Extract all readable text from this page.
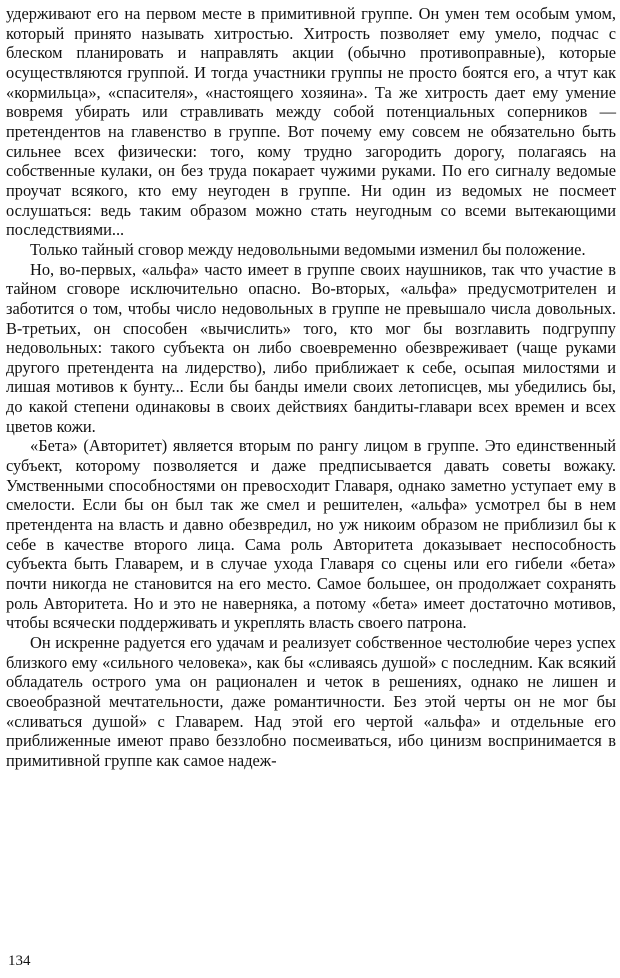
удерживают его на первом месте в примитивной группе. Он умен тем особым умом, который принято называть хитростью. Хитрость позволяет ему умело, подчас с блеском планировать и направлять акции (обычно противоправные), которые осуществляются группой. И тогда участники группы не просто боятся его, а чтут как «кормильца», «спасителя», «настоящего хозяина». Та же хитрость дает ему умение вовремя убирать или стравливать между собой потенциальных соперников — претендентов на главенство в группе. Вот почему ему совсем не обязательно быть сильнее всех физически: того, кому трудно загородить дорогу, полагаясь на собственные кулаки, он без труда покарает чужими руками. По его сигналу ведомые проучат всякого, кто ему неугоден в группе. Ни один из ведомых не посмеет ослушаться: ведь таким образом можно стать неугодным со всеми вытекающими последствиями...

Только тайный сговор между недовольными ведомыми изменил бы положение.

Но, во-первых, «альфа» часто имеет в группе своих наушников, так что участие в тайном сговоре исключительно опасно. Во-вторых, «альфа» предусмотрителен и заботится о том, чтобы число недовольных в группе не превышало числа довольных. В-третьих, он способен «вычислить» того, кто мог бы возглавить подгруппу недовольных: такого субъекта он либо своевременно обезвреживает (чаще руками другого претендента на лидерство), либо приближает к себе, осыпая милостями и лишая мотивов к бунту... Если бы банды имели своих летописцев, мы убедились бы, до какой степени одинаковы в своих действиях бандиты-главари всех времен и всех цветов кожи.

«Бета» (Авторитет) является вторым по рангу лицом в группе. Это единственный субъект, которому позволяется и даже предписывается давать советы вожаку. Умственными способностями он превосходит Главаря, однако заметно уступает ему в смелости. Если бы он был так же смел и решителен, «альфа» усмотрел бы в нем претендента на власть и давно обезвредил, но уж никоим образом не приблизил бы к себе в качестве второго лица. Сама роль Авторитета доказывает неспособность субъекта быть Главарем, и в случае ухода Главаря со сцены или его гибели «бета» почти никогда не становится на его место. Самое большее, он продолжает сохранять роль Авторитета. Но и это не наверняка, а потому «бета» имеет достаточно мотивов, чтобы всячески поддерживать и укреплять власть своего патрона.

Он искренне радуется его удачам и реализует собственное честолюбие через успех близкого ему «сильного человека», как бы «сливаясь душой» с последним. Как всякий обладатель острого ума он рационален и четок в решениях, однако не лишен и своеобразной мечтательности, даже романтичности. Без этой черты он не мог бы «сливаться душой» с Главарем. Над этой его чертой «альфа» и отдельные его приближенные имеют право беззлобно посмеиваться, ибо цинизм воспринимается в примитивной группе как самое надеж-

134
